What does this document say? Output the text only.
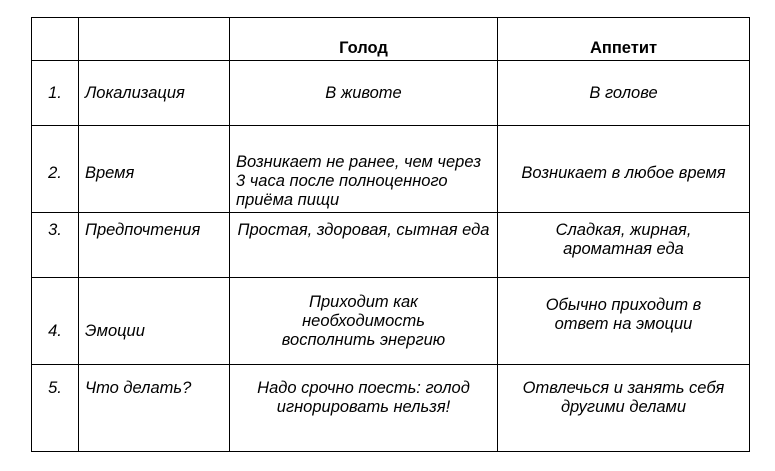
		Голод	Аппетит
1.	Локализация	В животе	В голове
2.	Время	Возникает не ранее, чем через 3 часа после полноценного приёма пищи	Возникает в любое время
3.	Предпочтения	Простая, здоровая, сытная еда	Сладкая, жирная, ароматная еда
4.	Эмоции	Приходит как необходимость восполнить энергию	Обычно приходит в ответ на эмоции
5.	Что делать?	Надо срочно поесть: голод игнорировать нельзя!	Отвлечься и занять себя другими делами
